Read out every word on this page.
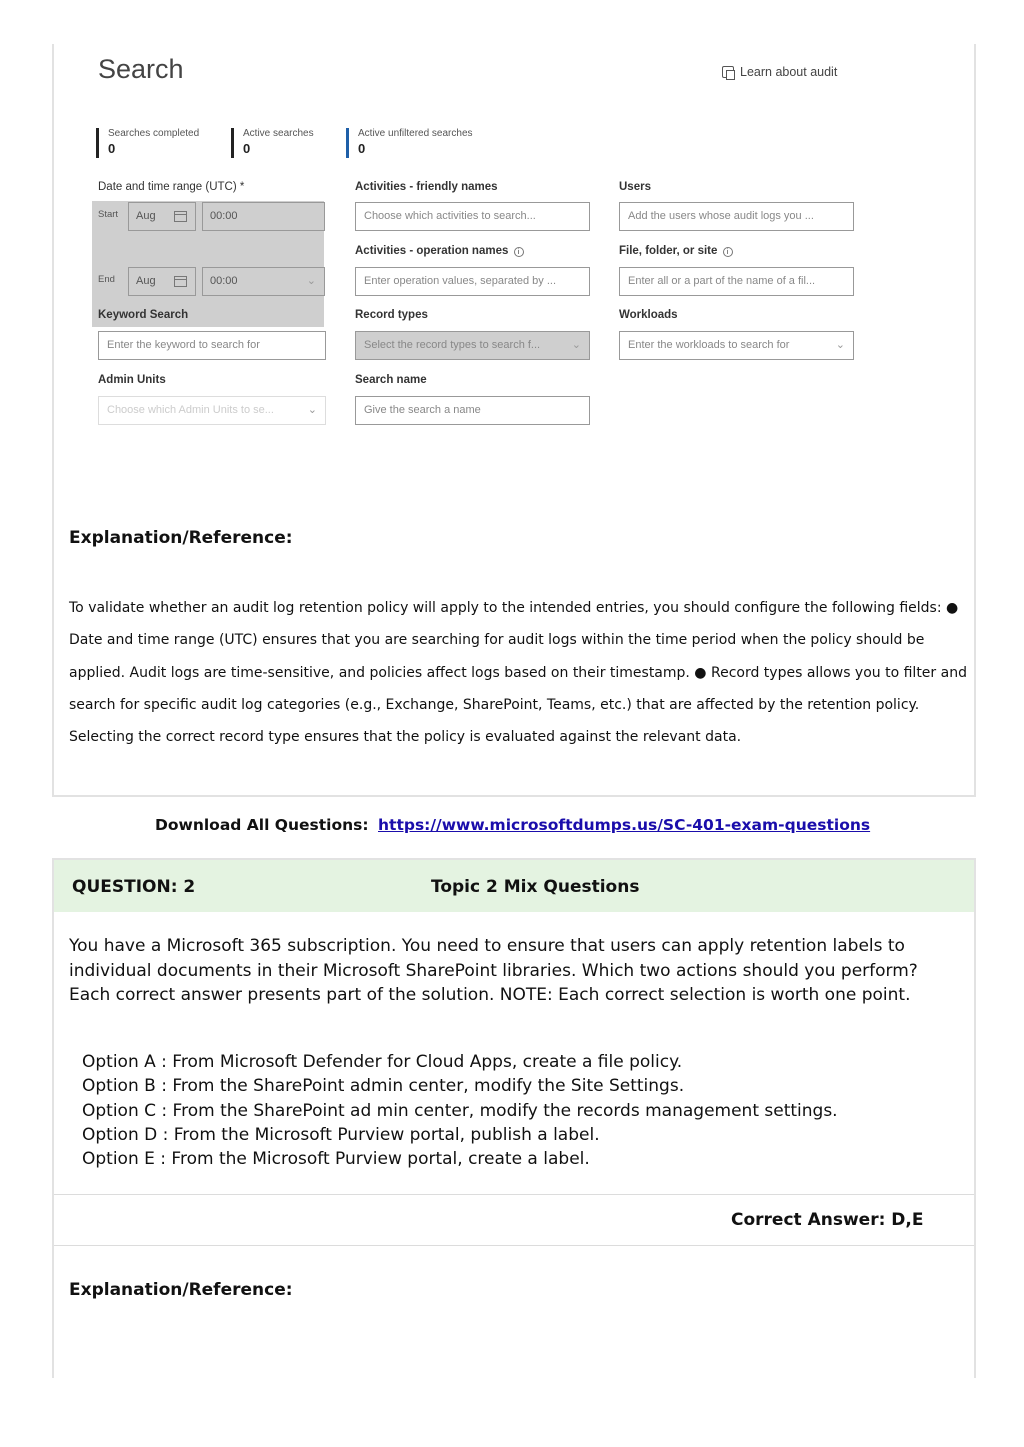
Search	Learn about audit
Searches completed
0
Active searches
0
Active unfiltered searches
0
Date and time range (UTC) *
Start	Aug	00:00
End	Aug	00:00	⌄
Keyword Search
Enter the keyword to search for
Admin Units
Choose which Admin Units to se...	⌄
Activities - friendly names
Choose which activities to search...
Activities - operation names i
Enter operation values, separated by ...
Record types
Select the record types to search f...	⌄
Search name
Give the search a name
Users
Add the users whose audit logs you ...
File, folder, or site i
Enter all or a part of the name of a fil...
Workloads
Enter the workloads to search for	⌄
Explanation/Reference:
To validate whether an audit log retention policy will apply to the intended entries, you should configure the following fields: ● Date and time range (UTC) ensures that you are searching for audit logs within the time period when the policy should be applied. Audit logs are time-sensitive, and policies affect logs based on their timestamp. ● Record types allows you to filter and search for specific audit log categories (e.g., Exchange, SharePoint, Teams, etc.) that are affected by the retention policy. Selecting the correct record type ensures that the policy is evaluated against the relevant data.
Download All Questions: https://www.microsoftdumps.us/SC-401-exam-questions
QUESTION: 2	Topic 2 Mix Questions
You have a Microsoft 365 subscription. You need to ensure that users can apply retention labels to individual documents in their Microsoft SharePoint libraries. Which two actions should you perform? Each correct answer presents part of the solution. NOTE: Each correct selection is worth one point.
Option A : From Microsoft Defender for Cloud Apps, create a file policy.
Option B : From the SharePoint admin center, modify the Site Settings.
Option C : From the SharePoint ad min center, modify the records management settings.
Option D : From the Microsoft Purview portal, publish a label.
Option E : From the Microsoft Purview portal, create a label.
Correct Answer: D,E
Explanation/Reference:
